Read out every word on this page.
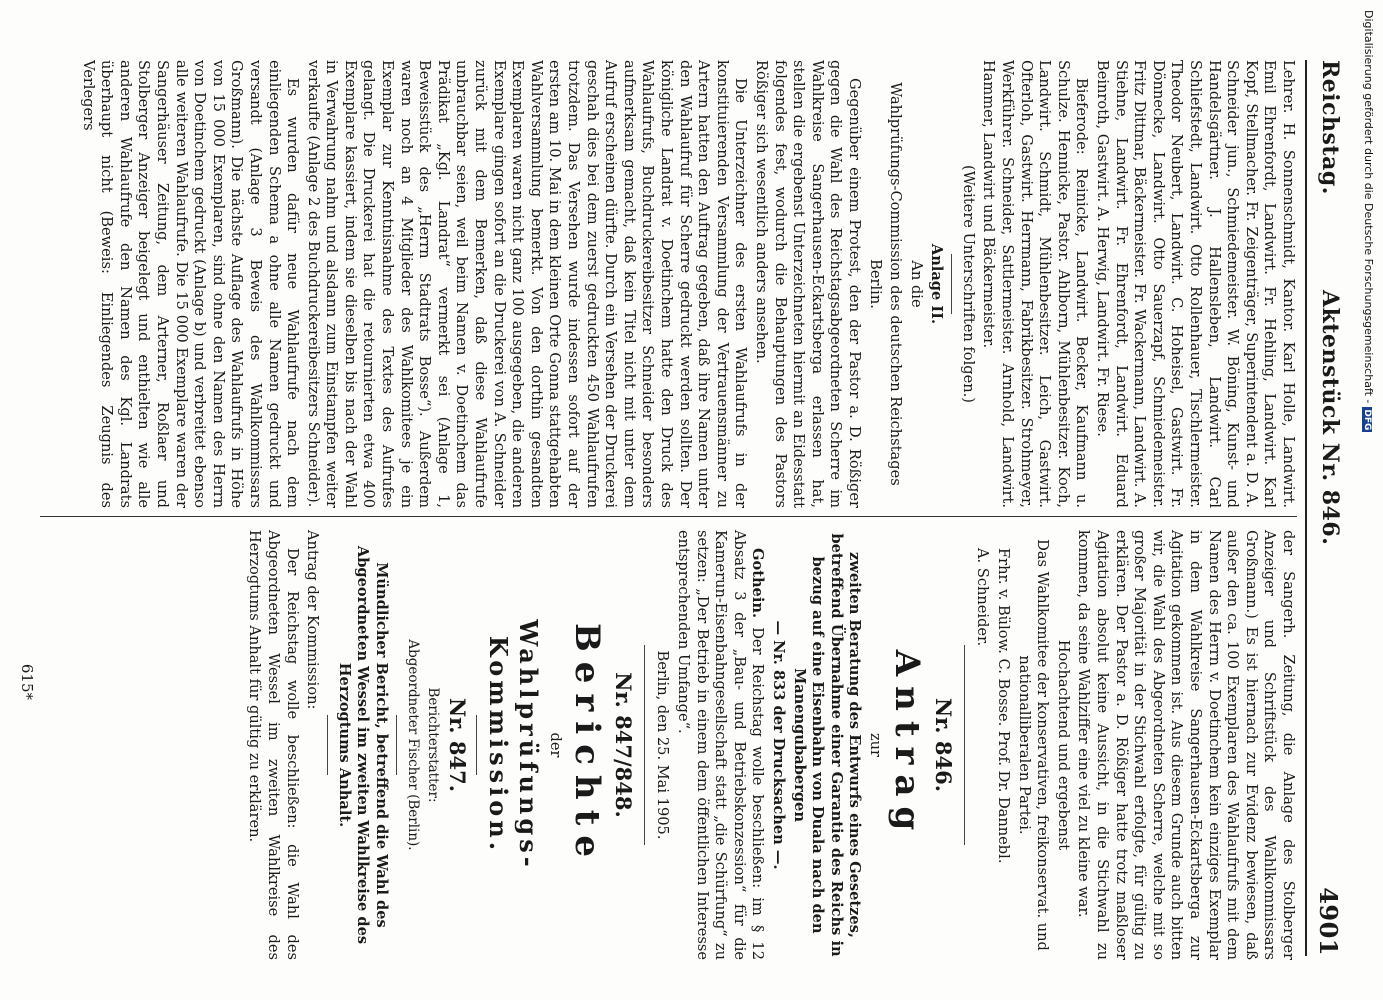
Reichstag.
Aktenstück Nr. 846.
4901

Lehrer. H. Sonnenschmidt, Kantor. Karl Holle, Landwirt. Emil Ehrenfordt, Landwirt. Fr. Hehling, Landwirt. Karl Kopf, Stellmacher. Fr. Zeigenträger, Superintendent a. D. A. Schneider jun., Schmiedemeister. W. Böning, Kunst- und Handelsgärtner. J. Hallensleben, Landwirt. Carl Schliefstedt, Landwirt. Otto Rollenhauer, Tischlermeister. Theodor Neubert, Landwirt. C. Hoheisel, Gastwirt. Fr. Dönnecke, Landwirt. Otto Sauerzapf, Schmiedemeister. Fritz Dittmar, Bäckermeister. Fr. Wackermann, Landwirt. A. Stiehne, Landwirt. Fr. Ehrenfordt, Landwirt. Eduard Beinroth, Gastwirt. A. Herwig, Landwirt. Fr. Riese.

Bieferode: Reinicke, Landwirt. Becker, Kaufmann u. Schulze. Hennicke, Pastor. Ahlborn, Mühlenbesitzer. Koch, Landwirt. Schmidt, Mühlenbesitzer. Leich, Gastwirt. Ofterloh, Gastwirt. Herrmann, Fabrikbesitzer. Strohmeyer, Werkführer. Schneider, Sattlermeister. Arnhold, Landwirt. Hammer, Landwirt und Bäckermeister.

(Weitere Unterschriften folgen.)

Anlage II.

An die

Wahlprüfungs-Commission des deutschen Reichstages

Berlin.

Gegenüber einem Protest, den der Pastor a. D. Rößiger gegen die Wahl des Reichstagsabgeordneten Scherre im Wahlkreise Sangerhausen-Eckartsberga erlassen hat, stellen die ergebenst Unterzeichneten hiermit an Eidesstatt folgendes fest, wodurch die Behauptungen des Pastors Rößiger sich wesentlich anders ansehen.

Die Unterzeichner des ersten Wahlaufrufs in der konstituierenden Versammlung der Vertrauensmänner zu Artern hatten den Auftrag gegeben, daß ihre Namen unter den Wahlaufruf für Scherre gedruckt werden sollten. Der königliche Landrat v. Doetinchem hatte den Druck des Wahlaufrufs, Buchdruckereibesitzer Schneider besonders aufmerksam gemacht, daß kein Titel nicht mit unter dem Aufruf erscheinen dürfte. Durch ein Versehen der Druckerei geschah dies bei dem zuerst gedruckten 450 Wahlaufrufen trotzdem. Das Versehen wurde indessen sofort auf der ersten am 10. Mai in dem kleinen Orte Gonna stattgehabten Wahlversammlung bemerkt. Von den dorthin gesandten Exemplaren waren nicht ganz 100 ausgegeben, die anderen Exemplare gingen sofort an die Druckerei von A. Schneider zurück mit dem Bemerken, daß diese Wahlaufrufe unbrauchbar seien, weil beim Namen v. Doetinchem das Prädikat „Kgl. Landrat“ vermerkt sei (Anlage 1, Beweisstück des „Herrn Stadtrats Bosse“). Außerdem waren noch an 4 Mitglieder des Wahlkomitees je ein Exemplar zur Kenntnisnahme des Textes des Aufrufes gelangt. Die Druckerei hat die retournierten etwa 400 Exemplare kassiert, indem sie dieselben bis nach der Wahl in Verwahrung nahm und alsdann zum Einstampfen weiter verkaufte (Anlage 2 des Buchdruckereibesitzers Schneider).

Es wurden dafür neue Wahlaufrufe nach dem einliegenden Schema a ohne alle Namen gedruckt und versandt (Anlage 3 Beweis des Wahlkommissars Großmann). Die nächste Auflage des Wahlaufrufs in Höhe von 15 000 Exemplaren, sind ohne den Namen des Herrn von Doetinchem gedruckt (Anlage b) und verbreitet ebenso alle weiteren Wahlaufrufe. Die 15 000 Exemplare waren der Sangerhäuser Zeitung, dem Arterner, Roßlaer und Stolberger Anzeiger beigelegt und enthielten wie alle anderen Wahlaufrufe den Namen des Kgl. Landrats überhaupt nicht (Beweis: Einliegendes Zeugnis des Verlegers

der Sangerh. Zeitung, die Anlage des Stolberger Anzeiger und Schriftstück des Wahlkommissars Großmann.) Es ist hiernach zur Evidenz bewiesen, daß außer den ca. 100 Exemplaren des Wahlaufrufs mit dem Namen des Herrn v. Doetinchem kein einziges Exemplar in dem Wahlkreise Sangerhausen-Eckartsberga zur Agitation gekommen ist. Aus diesem Grunde auch bitten wir, die Wahl des Abgeordneten Scherre, welche mit so großer Majorität in der Stichwahl erfolgte, für gültig zu erklären. Der Pastor a. D. Rößiger hatte trotz maßloser Agitation absolut keine Aussicht, in die Stichwahl zu kommen, da seine Wahlziffer eine viel zu kleine war.

Hochachtend und ergebenst

Das Wahlkomitee der konservativen, freikonservat. und nationalliberalen Partei.

Frhr. v. Bülow. C. Bosse. Prof. Dr. Dannebl.

A. Schneider.

Nr. 846.

Antrag

zur

zweiten Beratung des Entwurfs eines Gesetzes, betreffend Übernahme einer Garantie des Reichs in bezug auf eine Eisenbahn von Duala nach den Manengubabergen

— Nr. 833 der Drucksachen —.

Gothein. Der Reichstag wolle beschließen: im § 12 Absatz 3 der „Bau- und Betriebskonzession“ für die Kamerun-Eisenbahngesellschaft statt „die Schürfung“ zu setzen: „Der Betrieb in einem dem öffentlichen Interesse entsprechenden Umfange“.

Berlin, den 25. Mai 1905.

Nr. 847/848.

Berichte

der

Wahlprüfungs-Kommission.

Nr. 847.

Berichterstatter:

Abgeordneter Fischer (Berlin).

Mündlicher Bericht, betreffend die Wahl des Abgeordneten Wessel im zweiten Wahlkreise des Herzogtums Anhalt.

Antrag der Kommission:

Der Reichstag wolle beschließen: die Wahl des Abgeordneten Wessel im zweiten Wahlkreise des Herzogtums Anhalt für gültig zu erklären.

615*
Digitalisierung gefördert durch die Deutsche Forschungsgemeinschaft -DFG
